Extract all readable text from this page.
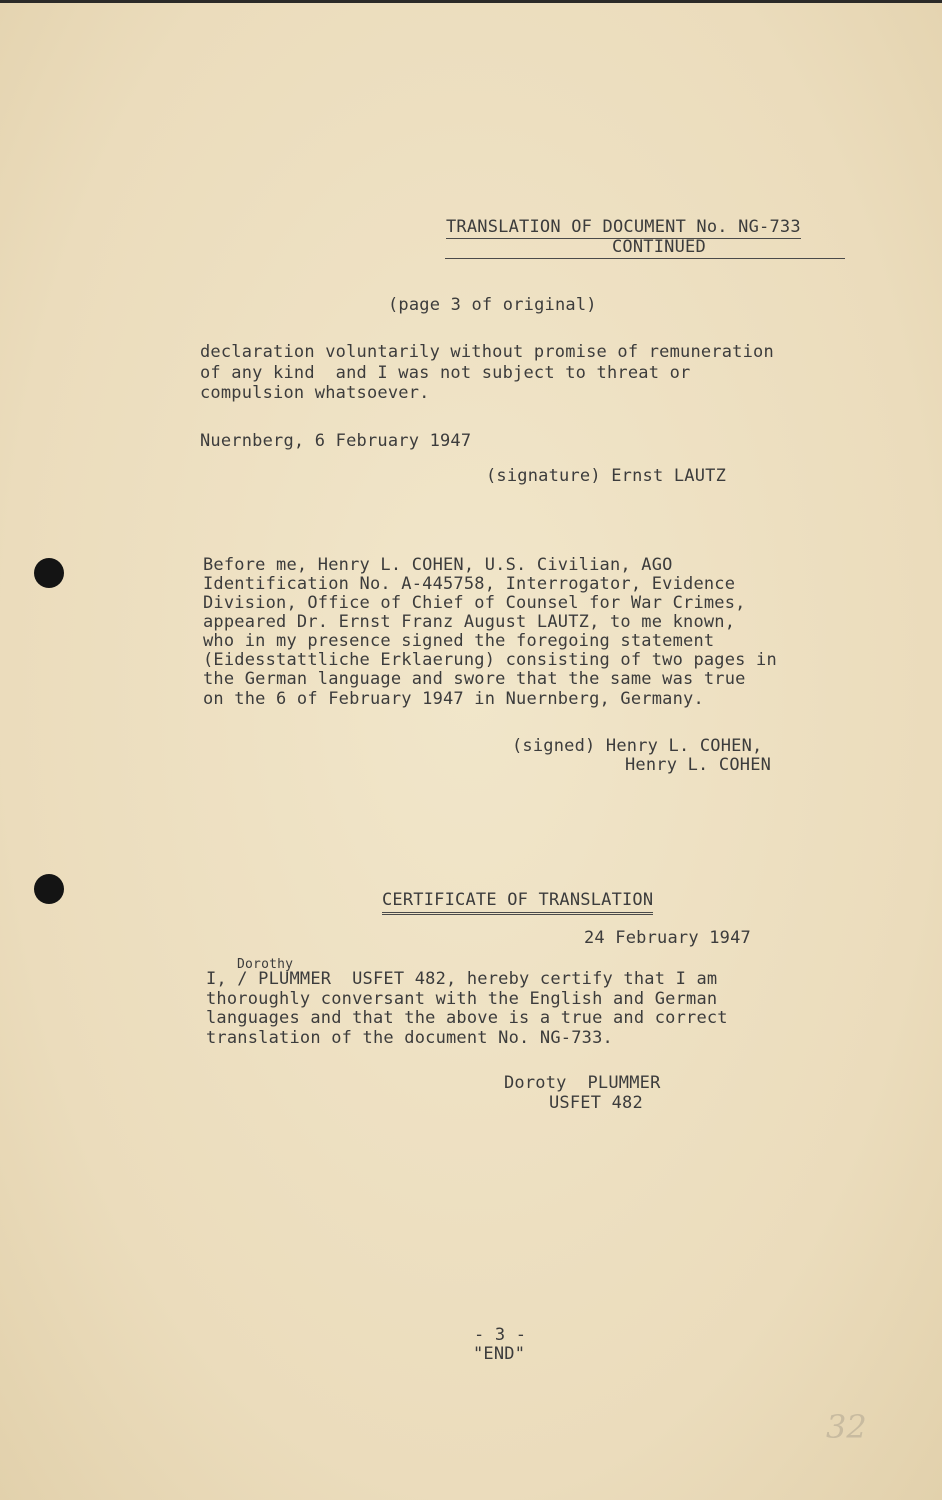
TRANSLATION OF DOCUMENT No. NG-733
CONTINUED
(page 3 of original)
declaration voluntarily without promise of remuneration
of any kind  and I was not subject to threat or
compulsion whatsoever.
Nuernberg, 6 February 1947
(signature) Ernst LAUTZ
Before me, Henry L. COHEN, U.S. Civilian, AGO
Identification No. A-445758, Interrogator, Evidence
Division, Office of Chief of Counsel for War Crimes,
appeared Dr. Ernst Franz August LAUTZ, to me known,
who in my presence signed the foregoing statement
(Eidesstattliche Erklaerung) consisting of two pages in
the German language and swore that the same was true
on the 6 of February 1947 in Nuernberg, Germany.
(signed) Henry L. COHEN,
Henry L. COHEN
CERTIFICATE OF TRANSLATION
24 February 1947
Dorothy
I, / PLUMMER  USFET 482, hereby certify that I am
thoroughly conversant with the English and German
languages and that the above is a true and correct
translation of the document No. NG-733.
Doroty  PLUMMER
USFET 482
- 3 -
"END"
32
